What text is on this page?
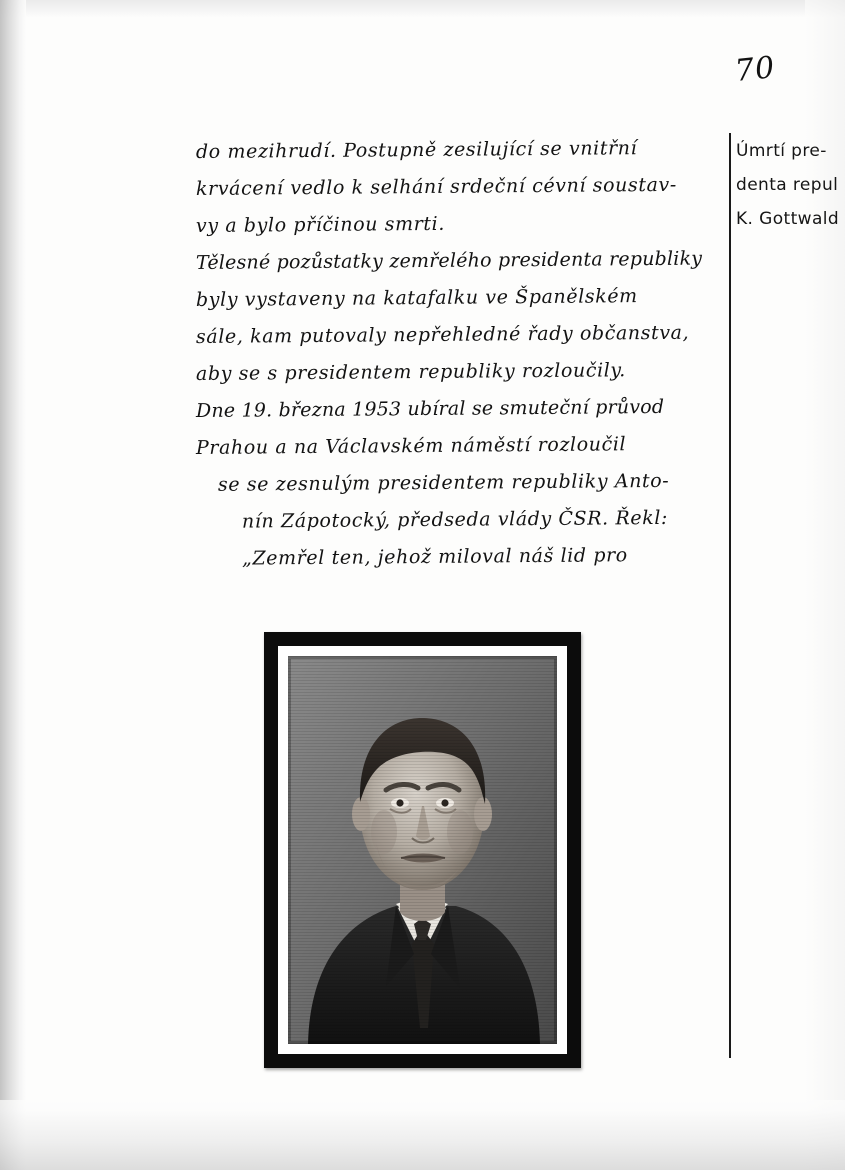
70
Úmrtí pre-
denta repul
K. Gottwald
do mezihrudí. Postupně zesilující se vnitřní
krvácení vedlo k selhání srdeční cévní soustav-
vy a bylo příčinou smrti.
Tělesné pozůstatky zemřelého presidenta republiky
byly vystaveny na katafalku ve Španělském
sále, kam putovaly nepřehledné řady občanstva,
aby se s presidentem republiky rozloučily.
Dne 19. března 1953 ubíral se smuteční průvod
Prahou a na Václavském náměstí rozloučil
se se zesnulým presidentem republiky Anto-
nín Zápotocký, předseda vlády ČSR. Řekl:
„Zemřel ten, jehož miloval náš lid pro
